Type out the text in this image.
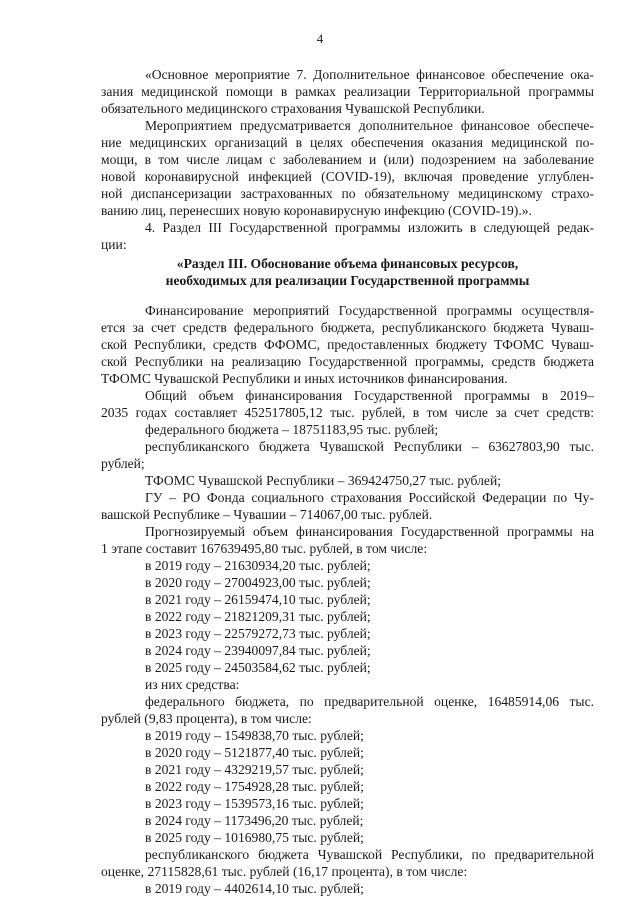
4
«Основное мероприятие 7. Дополнительное финансовое обеспечение ока-
зания медицинской помощи в рамках реализации Территориальной программы
обязательного медицинского страхования Чувашской Республики.
Мероприятием предусматривается дополнительное финансовое обеспече-
ние медицинских организаций в целях обеспечения оказания медицинской по-
мощи, в том числе лицам с заболеванием и (или) подозрением на заболевание
новой коронавирусной инфекцией (COVID-19), включая проведение углублен-
ной диспансеризации застрахованных по обязательному медицинскому страхо-
ванию лиц, перенесших новую коронавирусную инфекцию (COVID-19).».
4. Раздел III Государственной программы изложить в следующей редак-
ции:
«Раздел III. Обоснование объема финансовых ресурсов,
необходимых для реализации Государственной программы
Финансирование мероприятий Государственной программы осуществля-
ется за счет средств федерального бюджета, республиканского бюджета Чуваш-
ской Республики, средств ФФОМС, предоставленных бюджету ТФОМС Чуваш-
ской Республики на реализацию Государственной программы, средств бюджета
ТФОМС Чувашской Республики и иных источников финансирования.
Общий объем финансирования Государственной программы в 2019–
2035 годах составляет 452517805,12 тыс. рублей, в том числе за счет средств:
федерального бюджета – 18751183,95 тыс. рублей;
республиканского бюджета Чувашской Республики – 63627803,90 тыс.
рублей;
ТФОМС Чувашской Республики – 369424750,27 тыс. рублей;
ГУ – РО Фонда социального страхования Российской Федерации по Чу-
вашской Республике – Чувашии – 714067,00 тыс. рублей.
Прогнозируемый объем финансирования Государственной программы на
1 этапе составит 167639495,80 тыс. рублей, в том числе:
в 2019 году – 21630934,20 тыс. рублей;
в 2020 году – 27004923,00 тыс. рублей;
в 2021 году – 26159474,10 тыс. рублей;
в 2022 году – 21821209,31 тыс. рублей;
в 2023 году – 22579272,73 тыс. рублей;
в 2024 году – 23940097,84 тыс. рублей;
в 2025 году – 24503584,62 тыс. рублей;
из них средства:
федерального бюджета, по предварительной оценке, 16485914,06 тыс.
рублей (9,83 процента), в том числе:
в 2019 году – 1549838,70 тыс. рублей;
в 2020 году – 5121877,40 тыс. рублей;
в 2021 году – 4329219,57 тыс. рублей;
в 2022 году – 1754928,28 тыс. рублей;
в 2023 году – 1539573,16 тыс. рублей;
в 2024 году – 1173496,20 тыс. рублей;
в 2025 году – 1016980,75 тыс. рублей;
республиканского бюджета Чувашской Республики, по предварительной
оценке, 27115828,61 тыс. рублей (16,17 процента), в том числе:
в 2019 году – 4402614,10 тыс. рублей;
